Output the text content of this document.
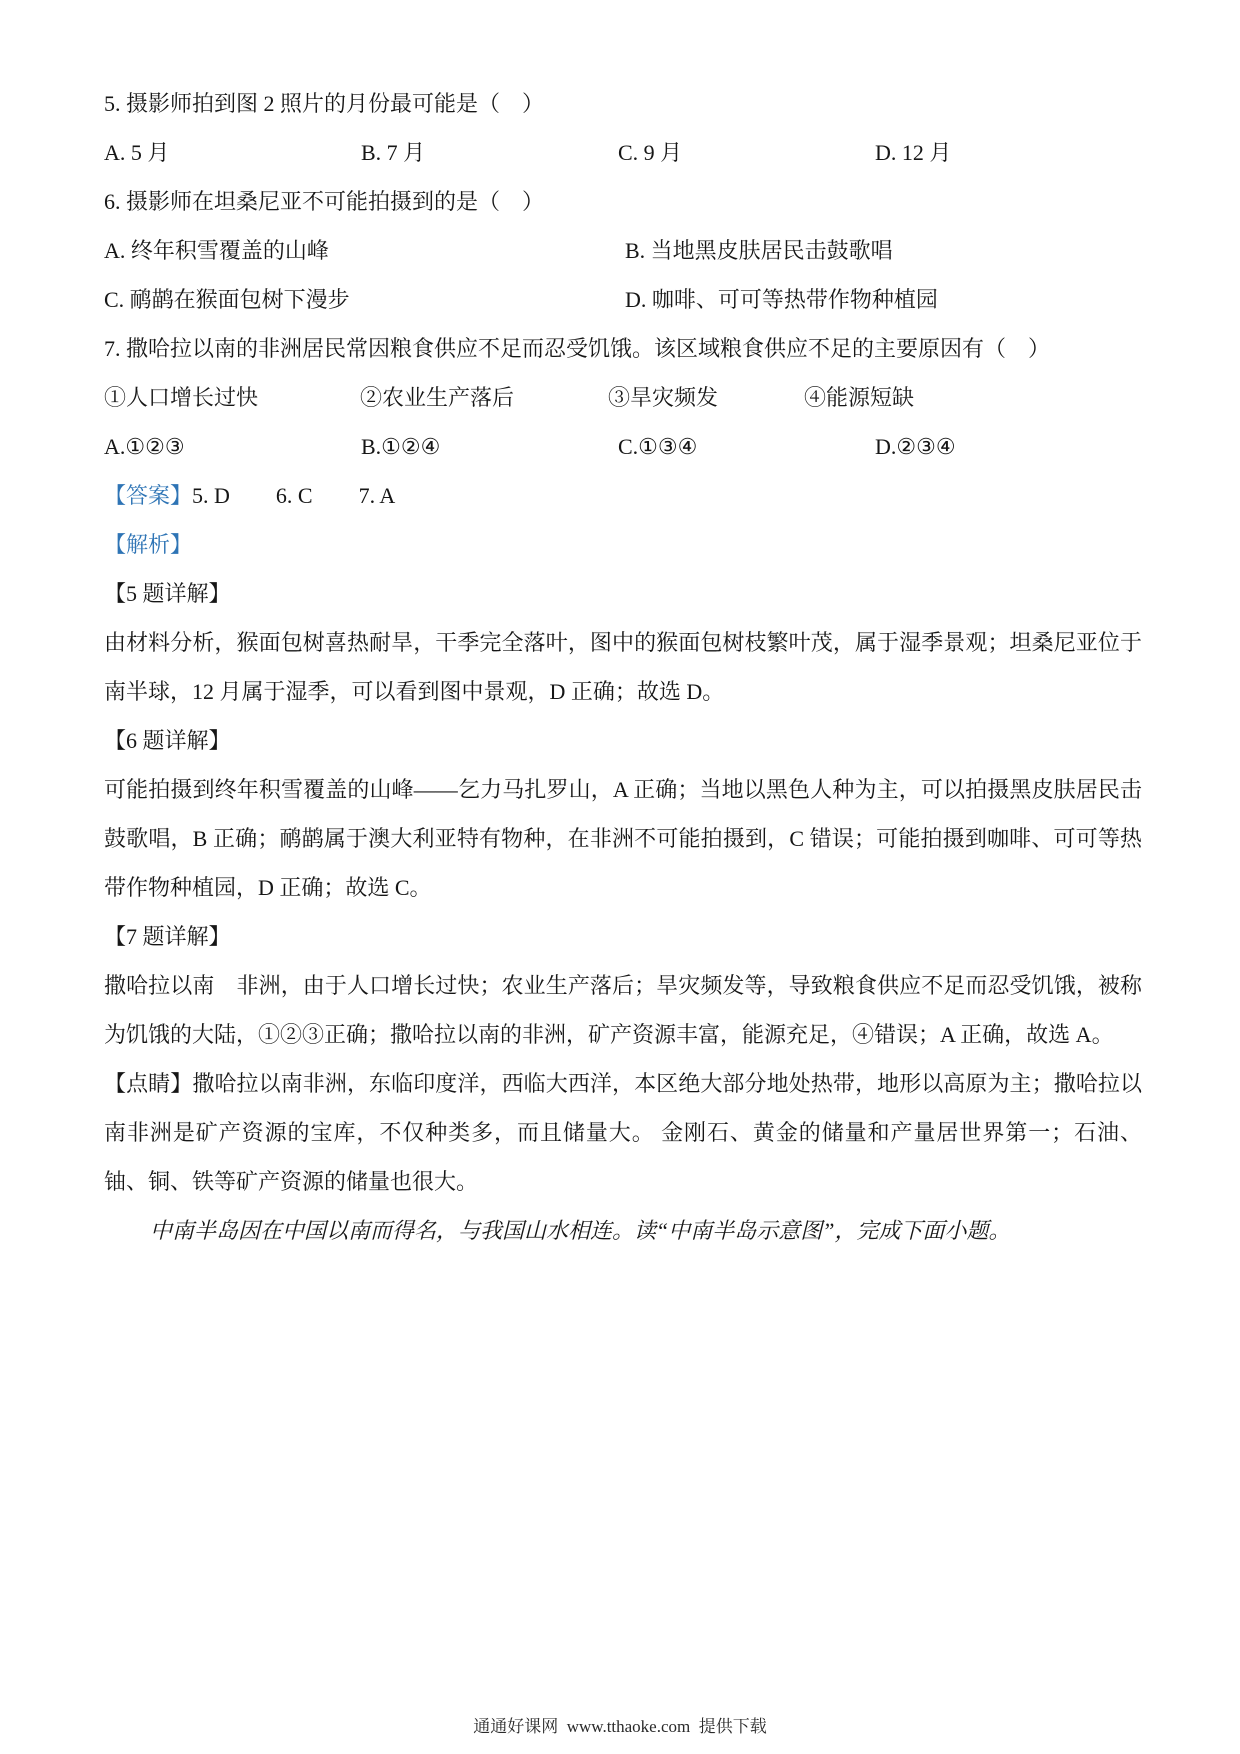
5. 摄影师拍到图 2 照片的月份最可能是（　）

A. 5 月	B. 7 月	C. 9 月	D. 12 月

6. 摄影师在坦桑尼亚不可能拍摄到的是（　）

A. 终年积雪覆盖的山峰	B. 当地黑皮肤居民击鼓歌唱

C. 鸸鹋在猴面包树下漫步	D. 咖啡、可可等热带作物种植园

7. 撒哈拉以南的非洲居民常因粮食供应不足而忍受饥饿。该区域粮食供应不足的主要原因有（　）

①人口增长过快	②农业生产落后	③旱灾频发	④能源短缺

A.①②③	B.①②④	C.①③④	D.②③④

【答案】5. D 6. C 7. A

【解析】

【5 题详解】

由材料分析，猴面包树喜热耐旱，干季完全落叶，图中的猴面包树枝繁叶茂，属于湿季景观；坦桑尼亚位于南半球，12 月属于湿季，可以看到图中景观，D 正确；故选 D。

【6 题详解】

可能拍摄到终年积雪覆盖的山峰——乞力马扎罗山，A 正确；当地以黑色人种为主，可以拍摄黑皮肤居民击鼓歌唱，B 正确；鸸鹋属于澳大利亚特有物种，在非洲不可能拍摄到，C 错误；可能拍摄到咖啡、可可等热带作物种植园，D 正确；故选 C。

【7 题详解】

撒哈拉以南　非洲，由于人口增长过快；农业生产落后；旱灾频发等，导致粮食供应不足而忍受饥饿，被称为饥饿的大陆，①②③正确；撒哈拉以南的非洲，矿产资源丰富，能源充足，④错误；A 正确，故选 A。

【点睛】撒哈拉以南非洲，东临印度洋，西临大西洋，本区绝大部分地处热带，地形以高原为主；撒哈拉以南非洲是矿产资源的宝库，不仅种类多，而且储量大。 金刚石、黄金的储量和产量居世界第一；石油、铀、铜、铁等矿产资源的储量也很大。

中南半岛因在中国以南而得名，与我国山水相连。读“中南半岛示意图”，完成下面小题。

通通好课网  www.tthaoke.com  提供下载
